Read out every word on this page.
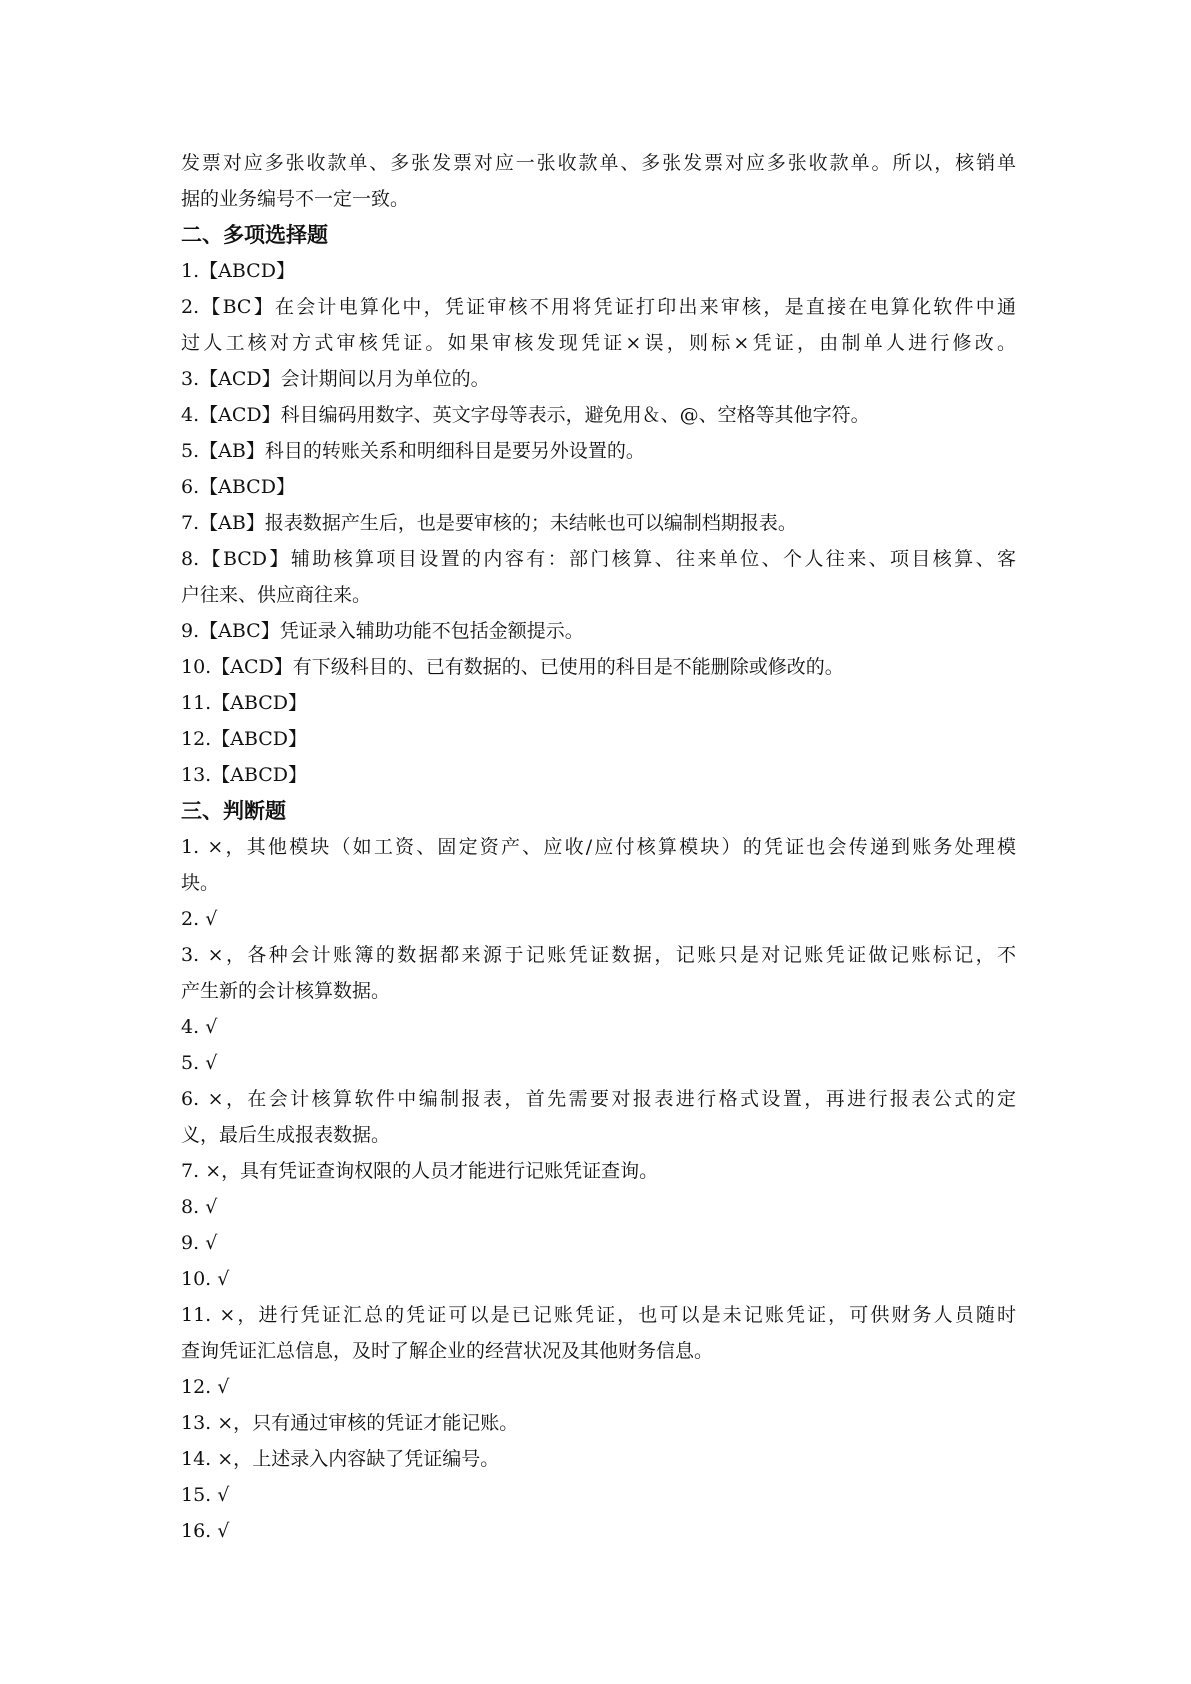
发票对应多张收款单、多张发票对应一张收款单、多张发票对应多张收款单。所以，核销单
据的业务编号不一定一致。
二、多项选择题
1.【ABCD】
2.【BC】在会计电算化中，凭证审核不用将凭证打印出来审核，是直接在电算化软件中通
过人工核对方式审核凭证。如果审核发现凭证×误，则标×凭证，由制单人进行修改。
3.【ACD】会计期间以月为单位的。
4.【ACD】科目编码用数字、英文字母等表示，避免用＆、@、空格等其他字符。
5.【AB】科目的转账关系和明细科目是要另外设置的。
6.【ABCD】
7.【AB】报表数据产生后，也是要审核的；未结帐也可以编制档期报表。
8.【BCD】辅助核算项目设置的内容有：部门核算、往来单位、个人往来、项目核算、客
户往来、供应商往来。
9.【ABC】凭证录入辅助功能不包括金额提示。
10.【ACD】有下级科目的、已有数据的、已使用的科目是不能删除或修改的。
11.【ABCD】
12.【ABCD】
13.【ABCD】
三、判断题
1. ×，其他模块（如工资、固定资产、应收/应付核算模块）的凭证也会传递到账务处理模
块。
2. √
3. ×，各种会计账簿的数据都来源于记账凭证数据，记账只是对记账凭证做记账标记，不
产生新的会计核算数据。
4. √
5. √
6. ×，在会计核算软件中编制报表，首先需要对报表进行格式设置，再进行报表公式的定
义，最后生成报表数据。
7. ×，具有凭证查询权限的人员才能进行记账凭证查询。
8. √
9. √
10. √
11. ×，进行凭证汇总的凭证可以是已记账凭证，也可以是未记账凭证，可供财务人员随时
查询凭证汇总信息，及时了解企业的经营状况及其他财务信息。
12. √
13. ×，只有通过审核的凭证才能记账。
14. ×，上述录入内容缺了凭证编号。
15. √
16. √
